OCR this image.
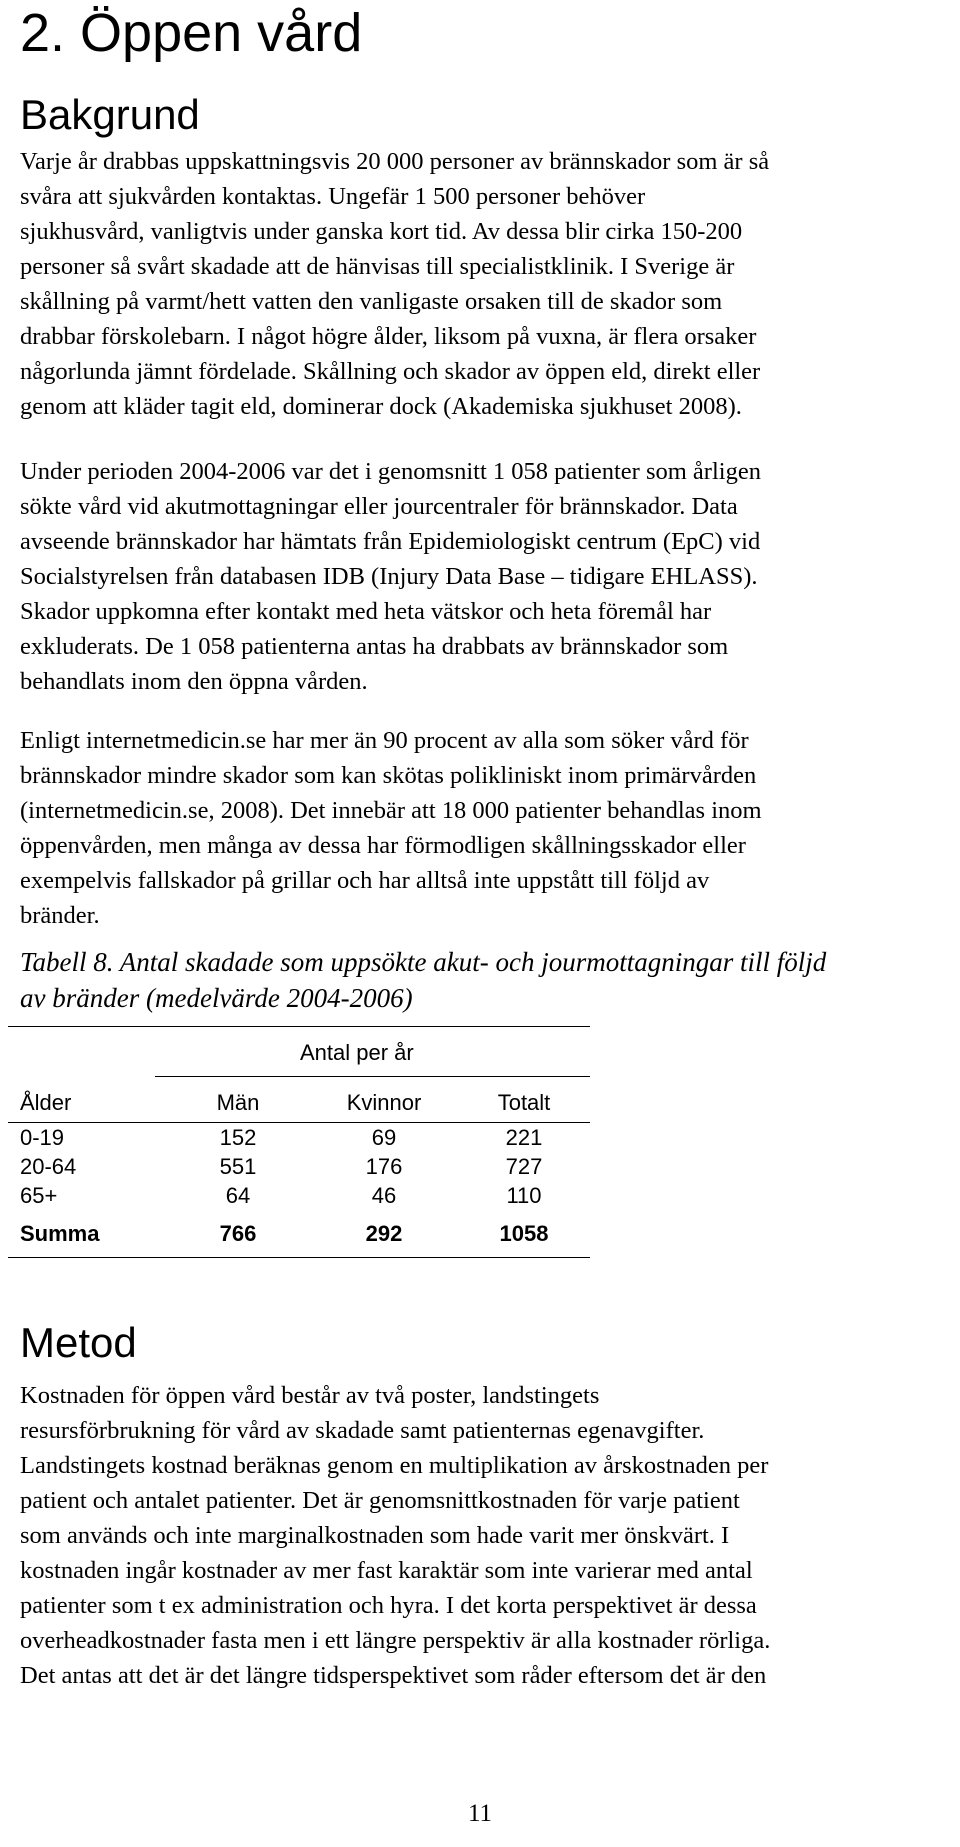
2. Öppen vård
Bakgrund

Varje år drabbas uppskattningsvis 20 000 personer av brännskador som är så
svåra att sjukvården kontaktas. Ungefär 1 500 personer behöver
sjukhusvård, vanligtvis under ganska kort tid. Av dessa blir cirka 150-200
personer så svårt skadade att de hänvisas till specialistklinik. I Sverige är
skållning på varmt/hett vatten den vanligaste orsaken till de skador som
drabbar förskolebarn. I något högre ålder, liksom på vuxna, är flera orsaker
någorlunda jämnt fördelade. Skållning och skador av öppen eld, direkt eller
genom att kläder tagit eld, dominerar dock (Akademiska sjukhuset 2008).

Under perioden 2004-2006 var det i genomsnitt 1 058 patienter som årligen
sökte vård vid akutmottagningar eller jourcentraler för brännskador. Data
avseende brännskador har hämtats från Epidemiologiskt centrum (EpC) vid
Socialstyrelsen från databasen IDB (Injury Data Base – tidigare EHLASS).
Skador uppkomna efter kontakt med heta vätskor och heta föremål har
exkluderats. De 1 058 patienterna antas ha drabbats av brännskador som
behandlats inom den öppna vården.

Enligt internetmedicin.se har mer än 90 procent av alla som söker vård för
brännskador mindre skador som kan skötas polikliniskt inom primärvården
(internetmedicin.se, 2008). Det innebär att 18 000 patienter behandlas inom
öppenvården, men många av dessa har förmodligen skållningsskador eller
exempelvis fallskador på grillar och har alltså inte uppstått till följd av
bränder.

Tabell 8. Antal skadade som uppsökte akut- och jourmottagningar till följd
av bränder (medelvärde 2004-2006)

Antal per år
Ålder	Män	Kvinnor	Totalt
0-19	152	69	221
20-64	551	176	727
65+	64	46	110
Summa	766	292	1058
Metod

Kostnaden för öppen vård består av två poster, landstingets
resursförbrukning för vård av skadade samt patienternas egenavgifter.
Landstingets kostnad beräknas genom en multiplikation av årskostnaden per
patient och antalet patienter. Det är genomsnittkostnaden för varje patient
som används och inte marginalkostnaden som hade varit mer önskvärt. I
kostnaden ingår kostnader av mer fast karaktär som inte varierar med antal
patienter som t ex administration och hyra. I det korta perspektivet är dessa
overheadkostnader fasta men i ett längre perspektiv är alla kostnader rörliga.
Det antas att det är det längre tidsperspektivet som råder eftersom det är den

11
